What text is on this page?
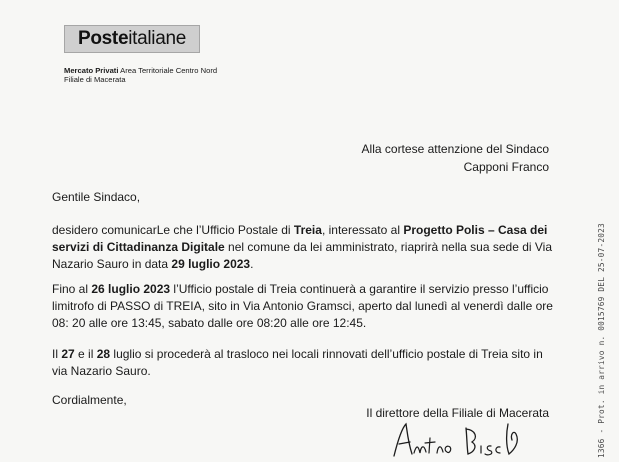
Poste italiane
Mercato Privati Area Territoriale Centro Nord
Filiale di Macerata
Alla cortese attenzione del Sindaco
Capponi Franco
Gentile Sindaco,
desidero comunicarLe che l’Ufficio Postale di Treia, interessato al Progetto Polis – Casa dei servizi di Cittadinanza Digitale nel comune da lei amministrato, riaprirà nella sua sede di Via Nazario Sauro in data 29 luglio 2023.
Fino al 26 luglio 2023 l’Ufficio postale di Treia continuerà a garantire il servizio presso l’ufficio limitrofo di PASSO di TREIA, sito in Via Antonio Gramsci, aperto dal lunedì al venerdì dalle ore 08: 20 alle ore 13:45, sabato dalle ore 08:20 alle ore 12:45.
Il 27 e il 28 luglio si procederà al trasloco nei locali rinnovati dell’ufficio postale di Treia sito in via Nazario Sauro.
Cordialmente,
Il direttore della Filiale di Macerata	1366 - Prot. in arrivo n. 0015769 DEL 25-07-2023
